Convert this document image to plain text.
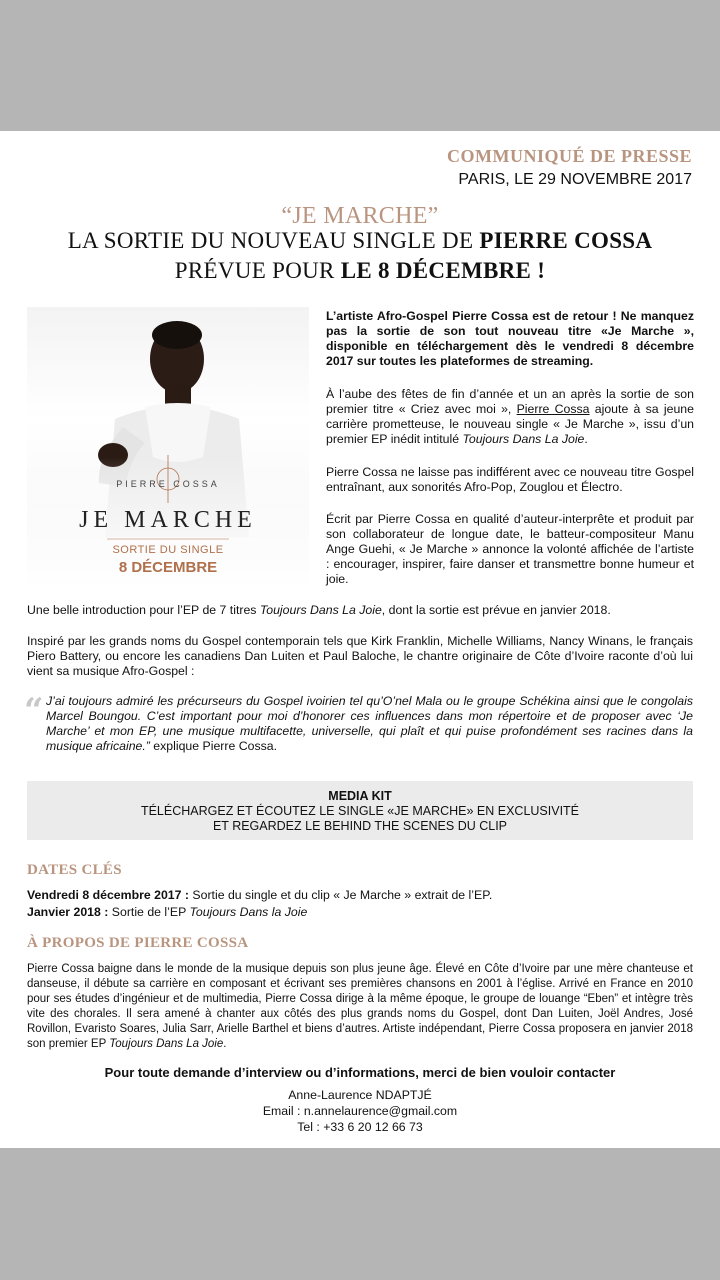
COMMUNIQUÉ DE PRESSE
PARIS, LE 29 NOVEMBRE 2017
“JE MARCHE”
LA SORTIE DU NOUVEAU SINGLE DE PIERRE COSSA
PRÉVUE POUR LE 8 DÉCEMBRE !
PIERRE COSSA
JE MARCHE
SORTIE DU SINGLE
8 DÉCEMBRE
L’artiste Afro-Gospel Pierre Cossa est de retour ! Ne manquez pas la sortie de son tout nouveau titre «Je Marche », disponible en téléchargement dès le vendredi 8 décembre 2017 sur toutes les plateformes de streaming.
À l’aube des fêtes de fin d’année et un an après la sortie de son premier titre « Criez avec moi », Pierre Cossa ajoute à sa jeune carrière prometteuse, le nouveau single « Je Marche », issu d’un premier EP inédit intitulé Toujours Dans La Joie.
Pierre Cossa ne laisse pas indifférent avec ce nouveau titre Gospel entraînant, aux sonorités Afro-Pop, Zouglou et Électro.
Écrit par Pierre Cossa en qualité d’auteur-interprête et produit par son collaborateur de longue date, le batteur-compositeur Manu Ange Guehi, « Je Marche » annonce la volonté affichée de l’artiste : encourager, inspirer, faire danser et transmettre bonne humeur et joie.
Une belle introduction pour l’EP de 7 titres Toujours Dans La Joie, dont la sortie est prévue en janvier 2018.
Inspiré par les grands noms du Gospel contemporain tels que Kirk Franklin, Michelle Williams, Nancy Winans, le français Piero Battery, ou encore les canadiens Dan Luiten et Paul Baloche, le chantre originaire de Côte d’Ivoire raconte d’où lui vient sa musique Afro-Gospel :
“ J’ai toujours admiré les précurseurs du Gospel ivoirien tel qu’O’nel Mala ou le groupe Schékina ainsi que le congolais Marcel Boungou. C’est important pour moi d’honorer ces influences dans mon répertoire et de proposer avec ‘Je Marche’ et mon EP, une musique multifacette, universelle, qui plaît et qui puise profondément ses racines dans la musique africaine.” explique Pierre Cossa.
MEDIA KIT
TÉLÉCHARGEZ ET ÉCOUTEZ LE SINGLE «JE MARCHE» EN EXCLUSIVITÉ
ET REGARDEZ LE BEHIND THE SCENES DU CLIP
DATES CLÉS
Vendredi 8 décembre 2017 : Sortie du single et du clip « Je Marche » extrait de l’EP.
Janvier 2018 : Sortie de l’EP Toujours Dans la Joie
À PROPOS DE PIERRE COSSA
Pierre Cossa baigne dans le monde de la musique depuis son plus jeune âge. Élevé en Côte d’Ivoire par une mère chanteuse et danseuse, il débute sa carrière en composant et écrivant ses premières chansons en 2001 à l’église. Arrivé en France en 2010 pour ses études d’ingénieur et de multimedia, Pierre Cossa dirige à la même époque, le groupe de louange “Eben” et intègre très vite des chorales. Il sera amené à chanter aux côtés des plus grands noms du Gospel, dont Dan Luiten, Joël Andres, José Rovillon, Evaristo Soares, Julia Sarr, Arielle Barthel et biens d’autres. Artiste indépendant, Pierre Cossa proposera en janvier 2018 son premier EP Toujours Dans La Joie.
Pour toute demande d’interview ou d’informations, merci de bien vouloir contacter
Anne-Laurence NDAPTJÉ
Email : n.annelaurence@gmail.com
Tel : +33 6 20 12 66 73
